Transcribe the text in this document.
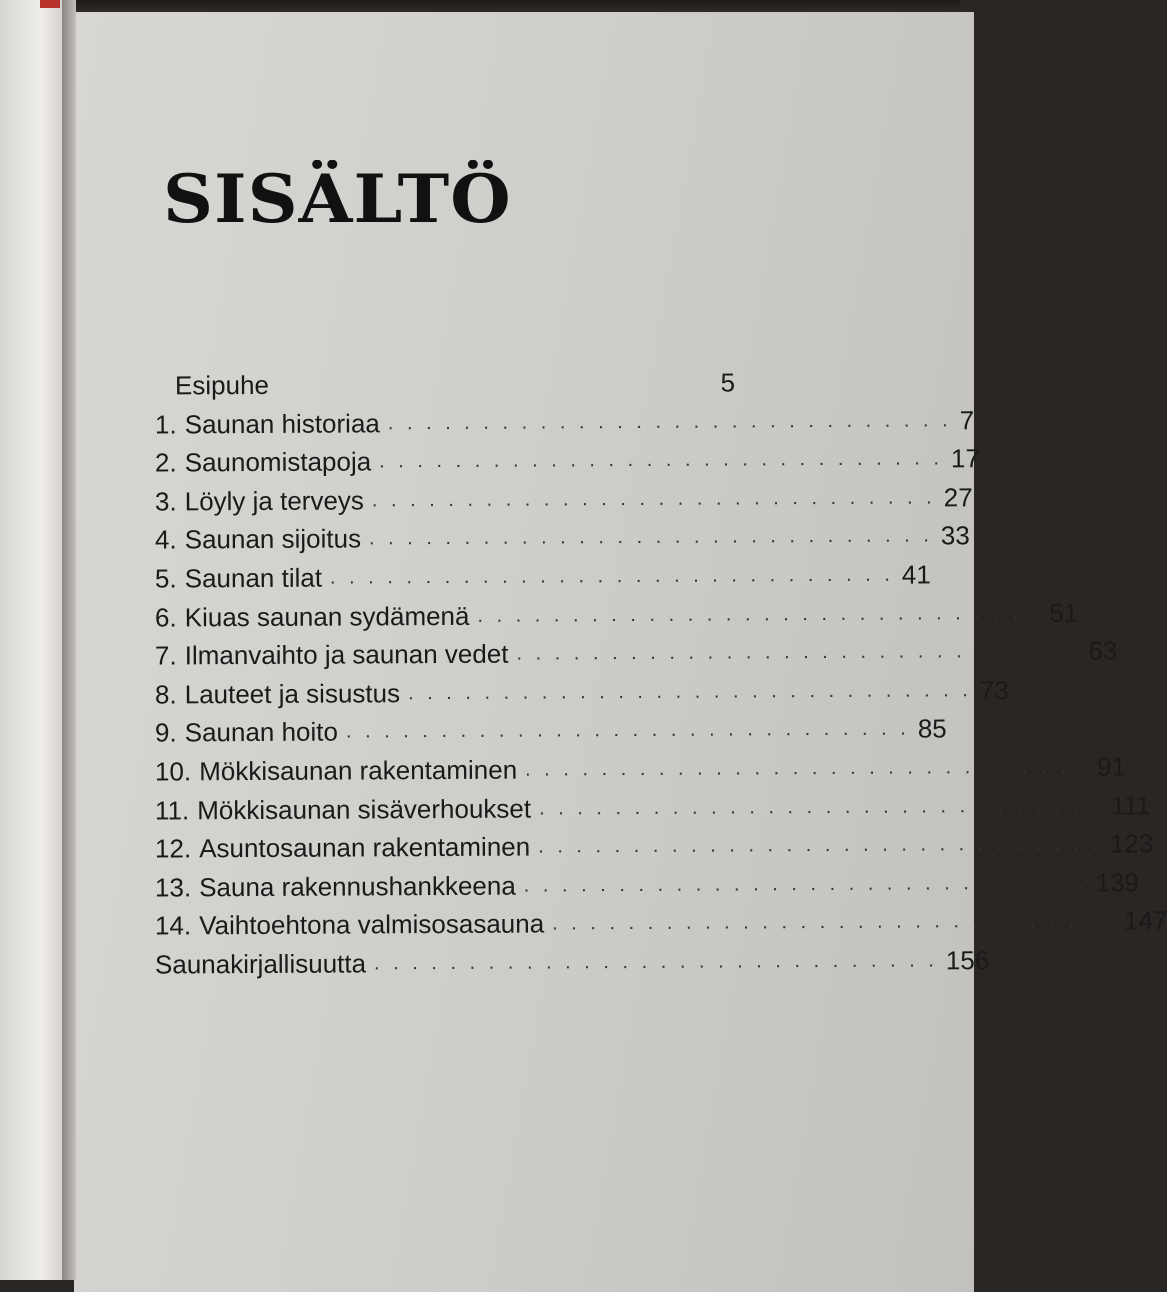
SISÄLTÖ
Esipuhe	5
1. Saunan historiaa . . . . . . . . . . . . . . . . . . . . . . . . . . . . . . 7
2. Saunomistapoja . . . . . . . . . . . . . . . . . . . . . . . . . . . . . . 17
3. Löyly ja terveys . . . . . . . . . . . . . . . . . . . . . . . . . . . . . . 27
4. Saunan sijoitus . . . . . . . . . . . . . . . . . . . . . . . . . . . . . . 33
5. Saunan tilat . . . . . . . . . . . . . . . . . . . . . . . . . . . . . . 41
6. Kiuas saunan sydämenä . . . . . . . . . . . . . . . . . . . . . . . . . . . . . . 51
7. Ilmanvaihto ja saunan vedet . . . . . . . . . . . . . . . . . . . . . . . . . . . . . . 63
8. Lauteet ja sisustus . . . . . . . . . . . . . . . . . . . . . . . . . . . . . . 73
9. Saunan hoito . . . . . . . . . . . . . . . . . . . . . . . . . . . . . . 85
10. Mökkisaunan rakentaminen . . . . . . . . . . . . . . . . . . . . . . . . . . . . . . 91
11. Mökkisaunan sisäverhoukset . . . . . . . . . . . . . . . . . . . . . . . . . . . . . . 111
12. Asuntosaunan rakentaminen . . . . . . . . . . . . . . . . . . . . . . . . . . . . . . 123
13. Sauna rakennushankkeena . . . . . . . . . . . . . . . . . . . . . . . . . . . . . . 139
14. Vaihtoehtona valmisosasauna . . . . . . . . . . . . . . . . . . . . . . . . . . . . . . 147
Saunakirjallisuutta . . . . . . . . . . . . . . . . . . . . . . . . . . . . . . 156
